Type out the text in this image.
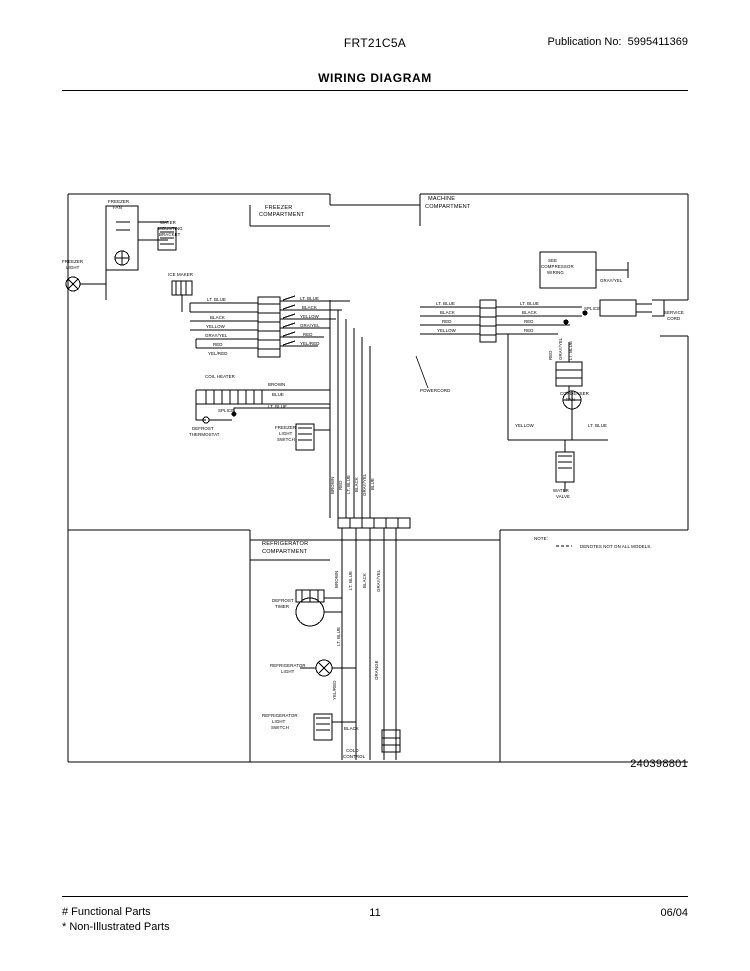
FRT21C5A	Publication No: 5995411369
WIRING DIAGRAM
# Functional Parts
* Non-Illustrated Parts
11	06/04
240398801
FREEZER
COMPARTMENT
MACHINE
COMPARTMENT
REFRIGERATOR
COMPARTMENT
FREEZER
FAN
WATER
MOUNTING
BRACKET
FREEZER
LIGHT
ICE MAKER
COIL HEATER
SPLICE
DEFROST
THERMOSTAT
FREEZER
LIGHT
SWITCH
POWERCORD
SEE
COMPRESSOR
WIRING
SERVICE
CORD
SPLICE
CONDENSER
FAN
WATER
VALVE
DEFROST
TIMER
REFRIGERATOR
LIGHT
REFRIGERATOR
LIGHT
SWITCH
COLD
CONTROL
LT. BLUE
BLACK
YELLOW
GRAY/YEL
RED
YEL/RED
LT. BLUE
BLACK
YELLOW
GRA/YEL
RED
YEL/RED
LT. BLUE
BLACK
RED
YELLOW
LT. BLUE
BLACK
RED
RED
GRAY/YEL
RED GRAY/YEL LT. BLUE
YELLOW	LT. BLUE
BROWN
BLUE
LT. BLUE
BROWN RED LT. BLUE BLACK GRAY/YEL BLUE
BROWN LT. BLUE BLACK GRAY/YEL
LT. BLUE
ORANGE
YEL/RED
BLACK
NOTE:
DENOTES NOT ON ALL MODELS.
